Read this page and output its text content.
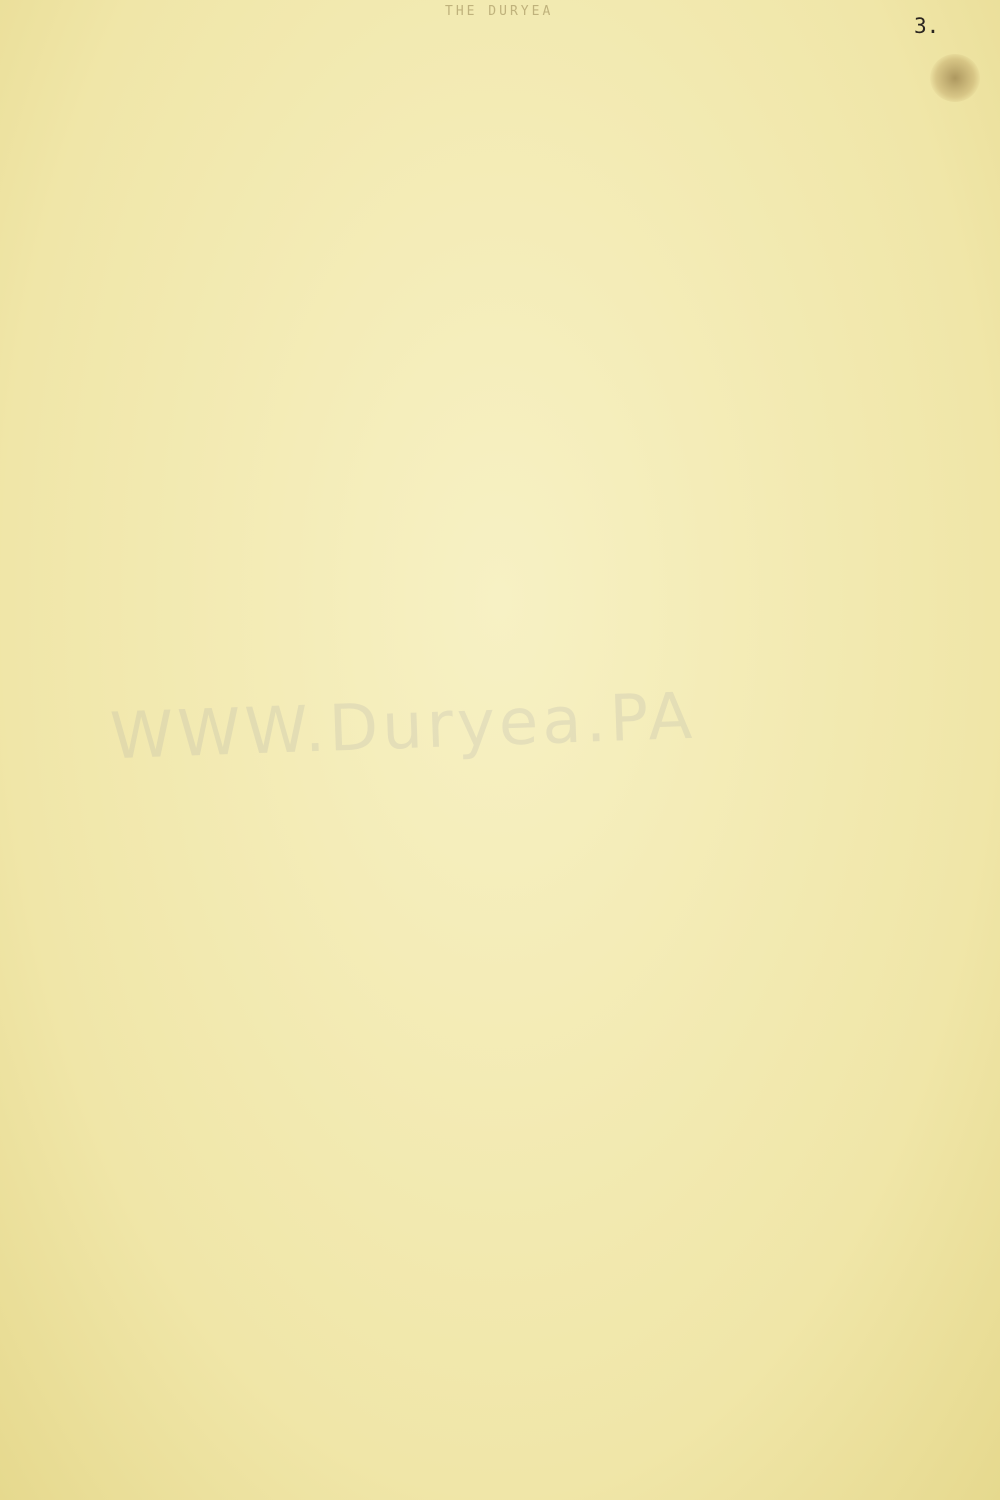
THE DURYEA
3.
WWW.Duryea.PA
